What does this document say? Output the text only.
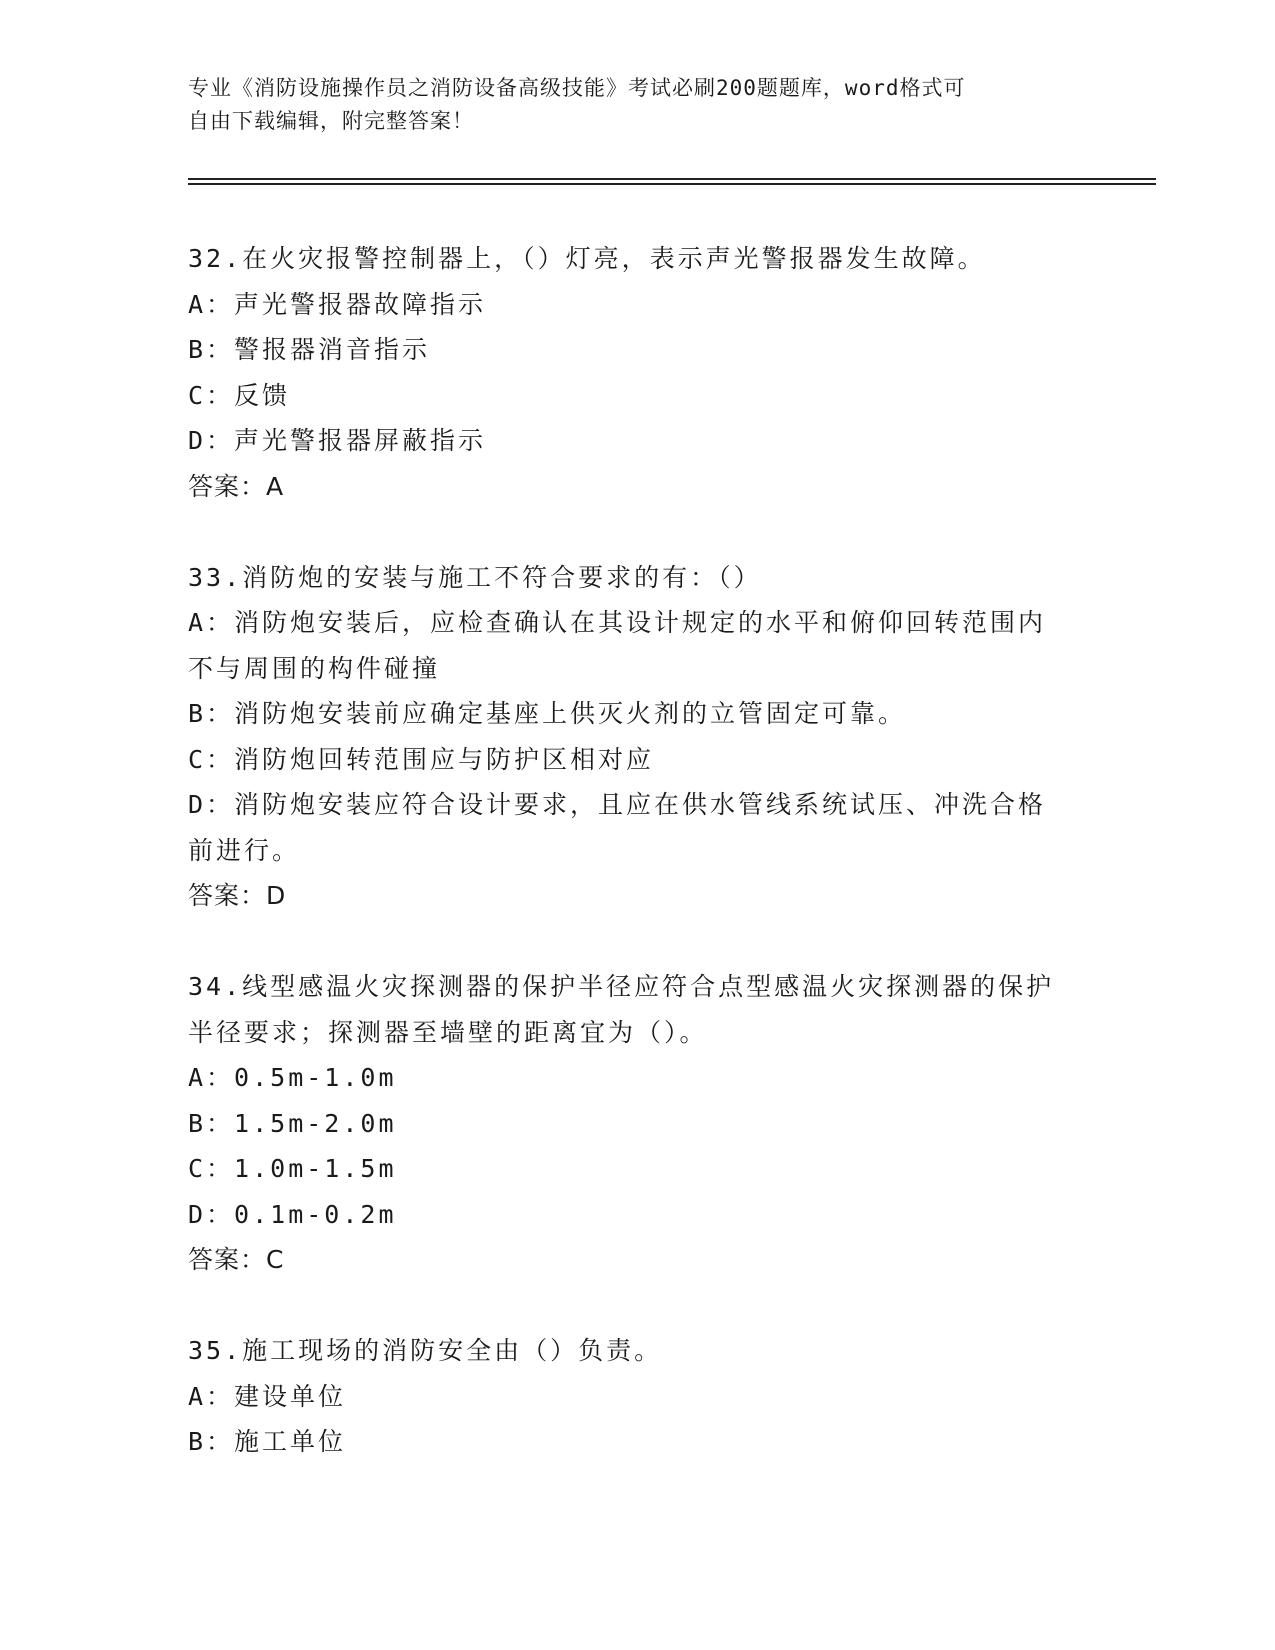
专业《消防设施操作员之消防设备高级技能》考试必刷200题题库，word格式可
自由下载编辑，附完整答案！
32.在火灾报警控制器上，（）灯亮，表示声光警报器发生故障。
A：声光警报器故障指示
B：警报器消音指示
C：反馈
D：声光警报器屏蔽指示
答案：A
33.消防炮的安装与施工不符合要求的有：（）
A：消防炮安装后，应检查确认在其设计规定的水平和俯仰回转范围内
不与周围的构件碰撞
B：消防炮安装前应确定基座上供灭火剂的立管固定可靠。
C：消防炮回转范围应与防护区相对应
D：消防炮安装应符合设计要求，且应在供水管线系统试压、冲洗合格
前进行。
答案：D
34.线型感温火灾探测器的保护半径应符合点型感温火灾探测器的保护
半径要求；探测器至墙壁的距离宜为（）。
A：0.5m-1.0m
B：1.5m-2.0m
C：1.0m-1.5m
D：0.1m-0.2m
答案：C
35.施工现场的消防安全由（）负责。
A：建设单位
B：施工单位
